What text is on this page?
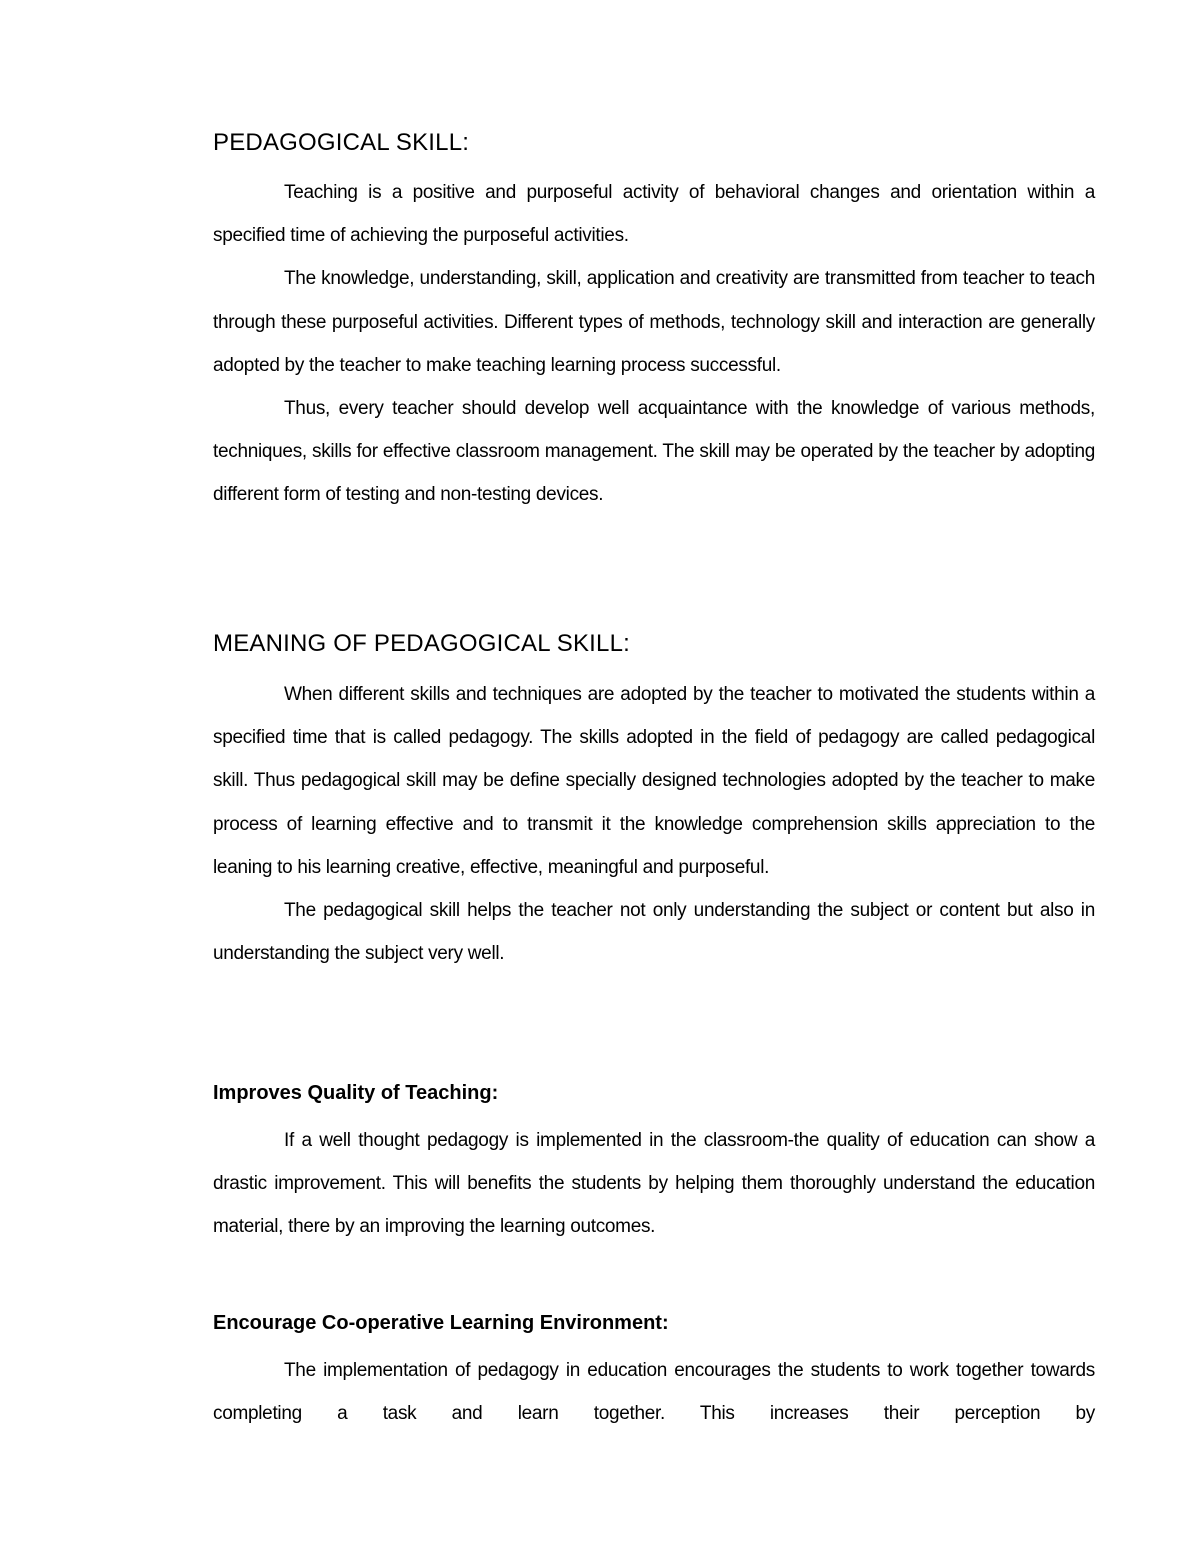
PEDAGOGICAL SKILL:

Teaching is a positive and purposeful activity of behavioral changes and orientation within a specified time of achieving the purposeful activities.

The knowledge, understanding, skill, application and creativity are transmitted from teacher to teach through these purposeful activities. Different types of methods, technology skill and interaction are generally adopted by the teacher to make teaching learning process successful.

Thus, every teacher should develop well acquaintance with the knowledge of various methods, techniques, skills for effective classroom management. The skill may be operated by the teacher by adopting different form of testing and non-testing devices.

MEANING OF PEDAGOGICAL SKILL:

When different skills and techniques are adopted by the teacher to motivated the students within a specified time that is called pedagogy. The skills adopted in the field of pedagogy are called pedagogical skill. Thus pedagogical skill may be define specially designed technologies adopted by the teacher to make process of learning effective and to transmit it the knowledge comprehension skills appreciation to the leaning to his learning creative, effective, meaningful and purposeful.

The pedagogical skill helps the teacher not only understanding the subject or content but also in understanding the subject very well.

Improves Quality of Teaching:

If a well thought pedagogy is implemented in the classroom-the quality of education can show a drastic improvement. This will benefits the students by helping them thoroughly understand the education material, there by an improving the learning outcomes.

Encourage Co-operative Learning Environment:

The implementation of pedagogy in education encourages the students to work together towards completing a task and learn together. This increases their perception by
